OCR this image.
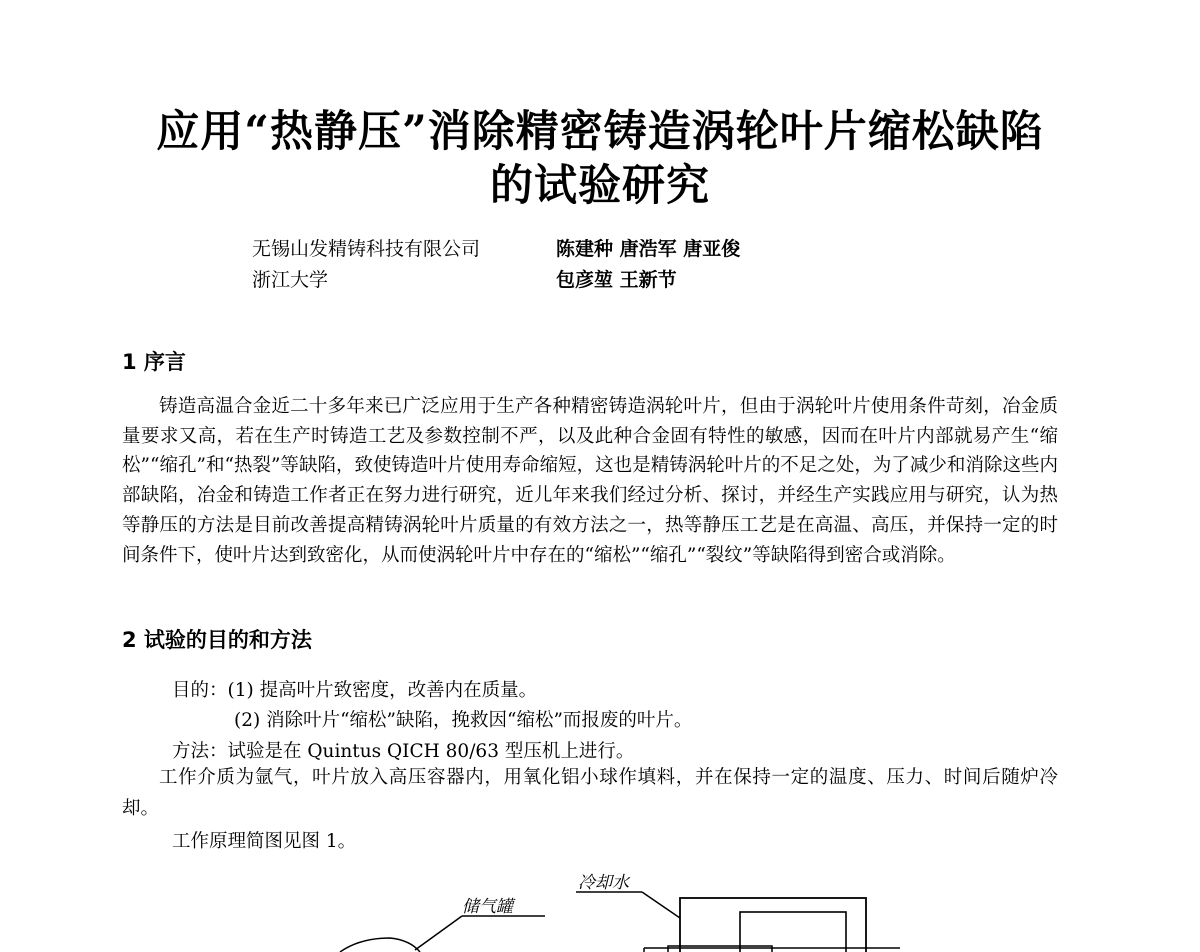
应用“热静压”消除精密铸造涡轮叶片缩松缺陷
的试验研究
无锡山发精铸科技有限公司	陈建种 唐浩军 唐亚俊
浙江大学	包彦堃 王新节
1 序言
铸造高温合金近二十多年来已广泛应用于生产各种精密铸造涡轮叶片，但由于涡轮叶片使用条件苛刻，冶金质量要求又高，若在生产时铸造工艺及参数控制不严，以及此种合金固有特性的敏感，因而在叶片内部就易产生“缩松”“缩孔”和“热裂”等缺陷，致使铸造叶片使用寿命缩短，这也是精铸涡轮叶片的不足之处，为了减少和消除这些内部缺陷，冶金和铸造工作者正在努力进行研究，近儿年来我们经过分析、探讨，并经生产实践应用与研究，认为热等静压的方法是目前改善提高精铸涡轮叶片质量的有效方法之一，热等静压工艺是在高温、高压，并保持一定的时间条件下，使叶片达到致密化，从而使涡轮叶片中存在的“缩松”“缩孔”“裂纹”等缺陷得到密合或消除。
2 试验的目的和方法
目的：(1) 提高叶片致密度，改善内在质量。
(2) 消除叶片“缩松”缺陷，挽救因“缩松”而报废的叶片。
方法：试验是在 Quintus QICH 80/63 型压机上进行。
工作介质为氩气，叶片放入高压容器内，用氧化铝小球作填料，并在保持一定的温度、压力、时间后随炉冷却。
工作原理简图见图 1。
冷却水
储气罐
